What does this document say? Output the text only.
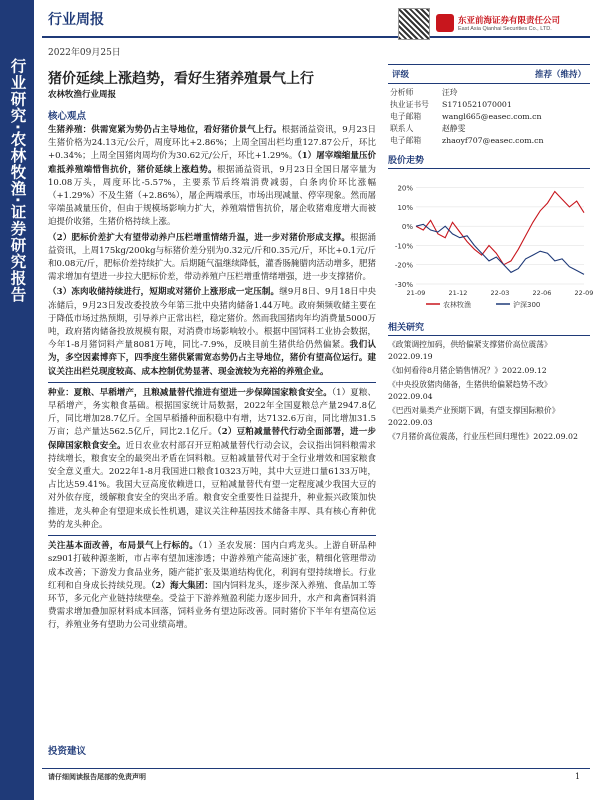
行业研究·农林牧渔·证券研究报告
行业周报
2022年09月25日
东亚前海证券有限责任公司
East Asia Qianhai Securities Co., LTD.
猪价延续上涨趋势，看好生猪养殖景气上行
农林牧渔行业周报
核心观点

生猪养殖：供需宽紧为势仍占主导地位，看好猪价景气上行。根据涌益资讯，9月23日生猪价格为24.13元/公斤，周度环比+2.86%；上周全国出栏均重127.87公斤，环比+0.34%；上周全国猪肉周均价为30.62元/公斤，环比+1.29%。（1）屠宰端缩量压价难抵养殖端惜售抗价，猪价延续上涨趋势。根据涌益资讯，9月23日全国日屠宰量为10.08万头，周度环比-5.57%，主要系节后终端消费减弱，白条肉价环比涨幅（+1.29%）不及生猪（+2.86%），屠企两端承压，市场出现减量、停宰现象。然而屠宰端虽减量压价，但由于规模场影响力扩大，养殖端惜售抗价，屠企收猪难度增大而被迫提价收猪，生猪价格持续上涨。

（2）肥标价差扩大有望带动养户压栏增重情绪升温，进一步对猪价形成支撑。根据涌益资讯，上周175kg/200kg与标猪价差分别为0.32元/斤和0.35元/斤，环比+0.1元/斤和0.08元/斤，肥标价差持续扩大。后期随气温继续降低，灌香肠腌腊肉活动增多，肥猪需求增加有望进一步拉大肥标价差，带动养殖户压栏增重情绪增强，进一步支撑猪价。

（3）冻肉收储持续进行，短期或对猪价上涨形成一定压制。继9月8日、9月18日中央冻储后，9月23日发改委投放今年第三批中央猪肉储备1.44万吨。政府频频收储主要在于降低市场过热预期，引导养户正常出栏，稳定猪价。然而我国猪肉年均消费量5000万吨，政府猪肉储备投放规模有限，对消费市场影响较小。根据中国饲料工业协会数据，今年1-8月猪饲料产量8081万吨，同比-7.9%，反映目前生猪供给仍然偏紧。我们认为，多空因素博弈下，四季度生猪供紧需宽态势仍占主导地位，猪价有望高位运行。建议关注出栏兑现度较高、成本控制优势显著、现金流较为充裕的养殖企业。

种业：夏粮、早稻增产，且粮减量替代推进有望进一步保障国家粮食安全。（1）夏粮、早稻增产，务实粮食基础。根据国家统计局数据，2022年全国夏粮总产量2947.8亿斤，同比增加28.7亿斤。全国早稻播种面积稳中有增，达7132.6万亩，同比增加31.5万亩；总产量达562.5亿斤，同比2.1亿斤。（2）豆粕减量替代行动全面部署，进一步保障国家粮食安全。近日农业农村部召开豆粕减量替代行动会议，会议指出饲料粮需求持续增长，粮食安全的最突出矛盾在饲料粮。豆粕减量替代对于全行业增效和国家粮食安全意义重大。2022年1-8月我国进口粮食10323万吨，其中大豆进口量6133万吨，占比达59.41%。我国大豆高度依赖进口，豆粕减量替代有望一定程度减少我国大豆的对外依存度，缓解粮食安全的突出矛盾。粮食安全重要性日益提升，种业振兴政策加快推进，龙头种企有望迎来成长性机遇，建议关注种基因技术储备丰厚、具有核心育种优势的龙头种企。

关注基本面改善，布局景气上行标的。（1）圣农发展：国内白鸡龙头。上游自研品种sz901打破种源垄断，市占率有望加速渗透；中游养殖产能高速扩张，精细化管理带动成本改善；下游发力食品业务，随产能扩张及渠道结构优化，利润有望持续增长。行业红利和自身成长持续兑现。（2）海大集团：国内饲料龙头，逐步深入养殖、食品加工等环节，多元化产业链持续壁垒。受益于下游养殖盈利能力逐步回升，水产和禽畜饲料消费需求增加叠加原材料成本回落，饲料业务有望边际改善。同时猪价下半年有望高位运行，养殖业务有望助力公司业绩高增。

投资建议
评级	推荐（维持）
分析师	汪玲
执业证书号	S1710521070001
电子邮箱	wangl665@easec.com.cn
联系人	赵静雯
电子邮箱	zhaoyf707@easec.com.cn
股价走势
20%
10%
0%
-10%
-20%
-30%
21-09	21-12	22-03	22-06	22-09
农林牧渔	沪深300
相关研究
《政策调控加码，供给偏紧支撑猪价高位震荡》2022.09.19
《如何看待8月猪企销售情况？》2022.09.12
《中央投放猪肉储备，生猪供给偏紧趋势不改》2022.09.04
《巴西对巢类产业预期下调，有望支撑国际粮价》2022.09.03
《7月猪价高位震荡，行业压栏回归理性》2022.09.02
请仔细阅读报告尾部的免责声明	1
